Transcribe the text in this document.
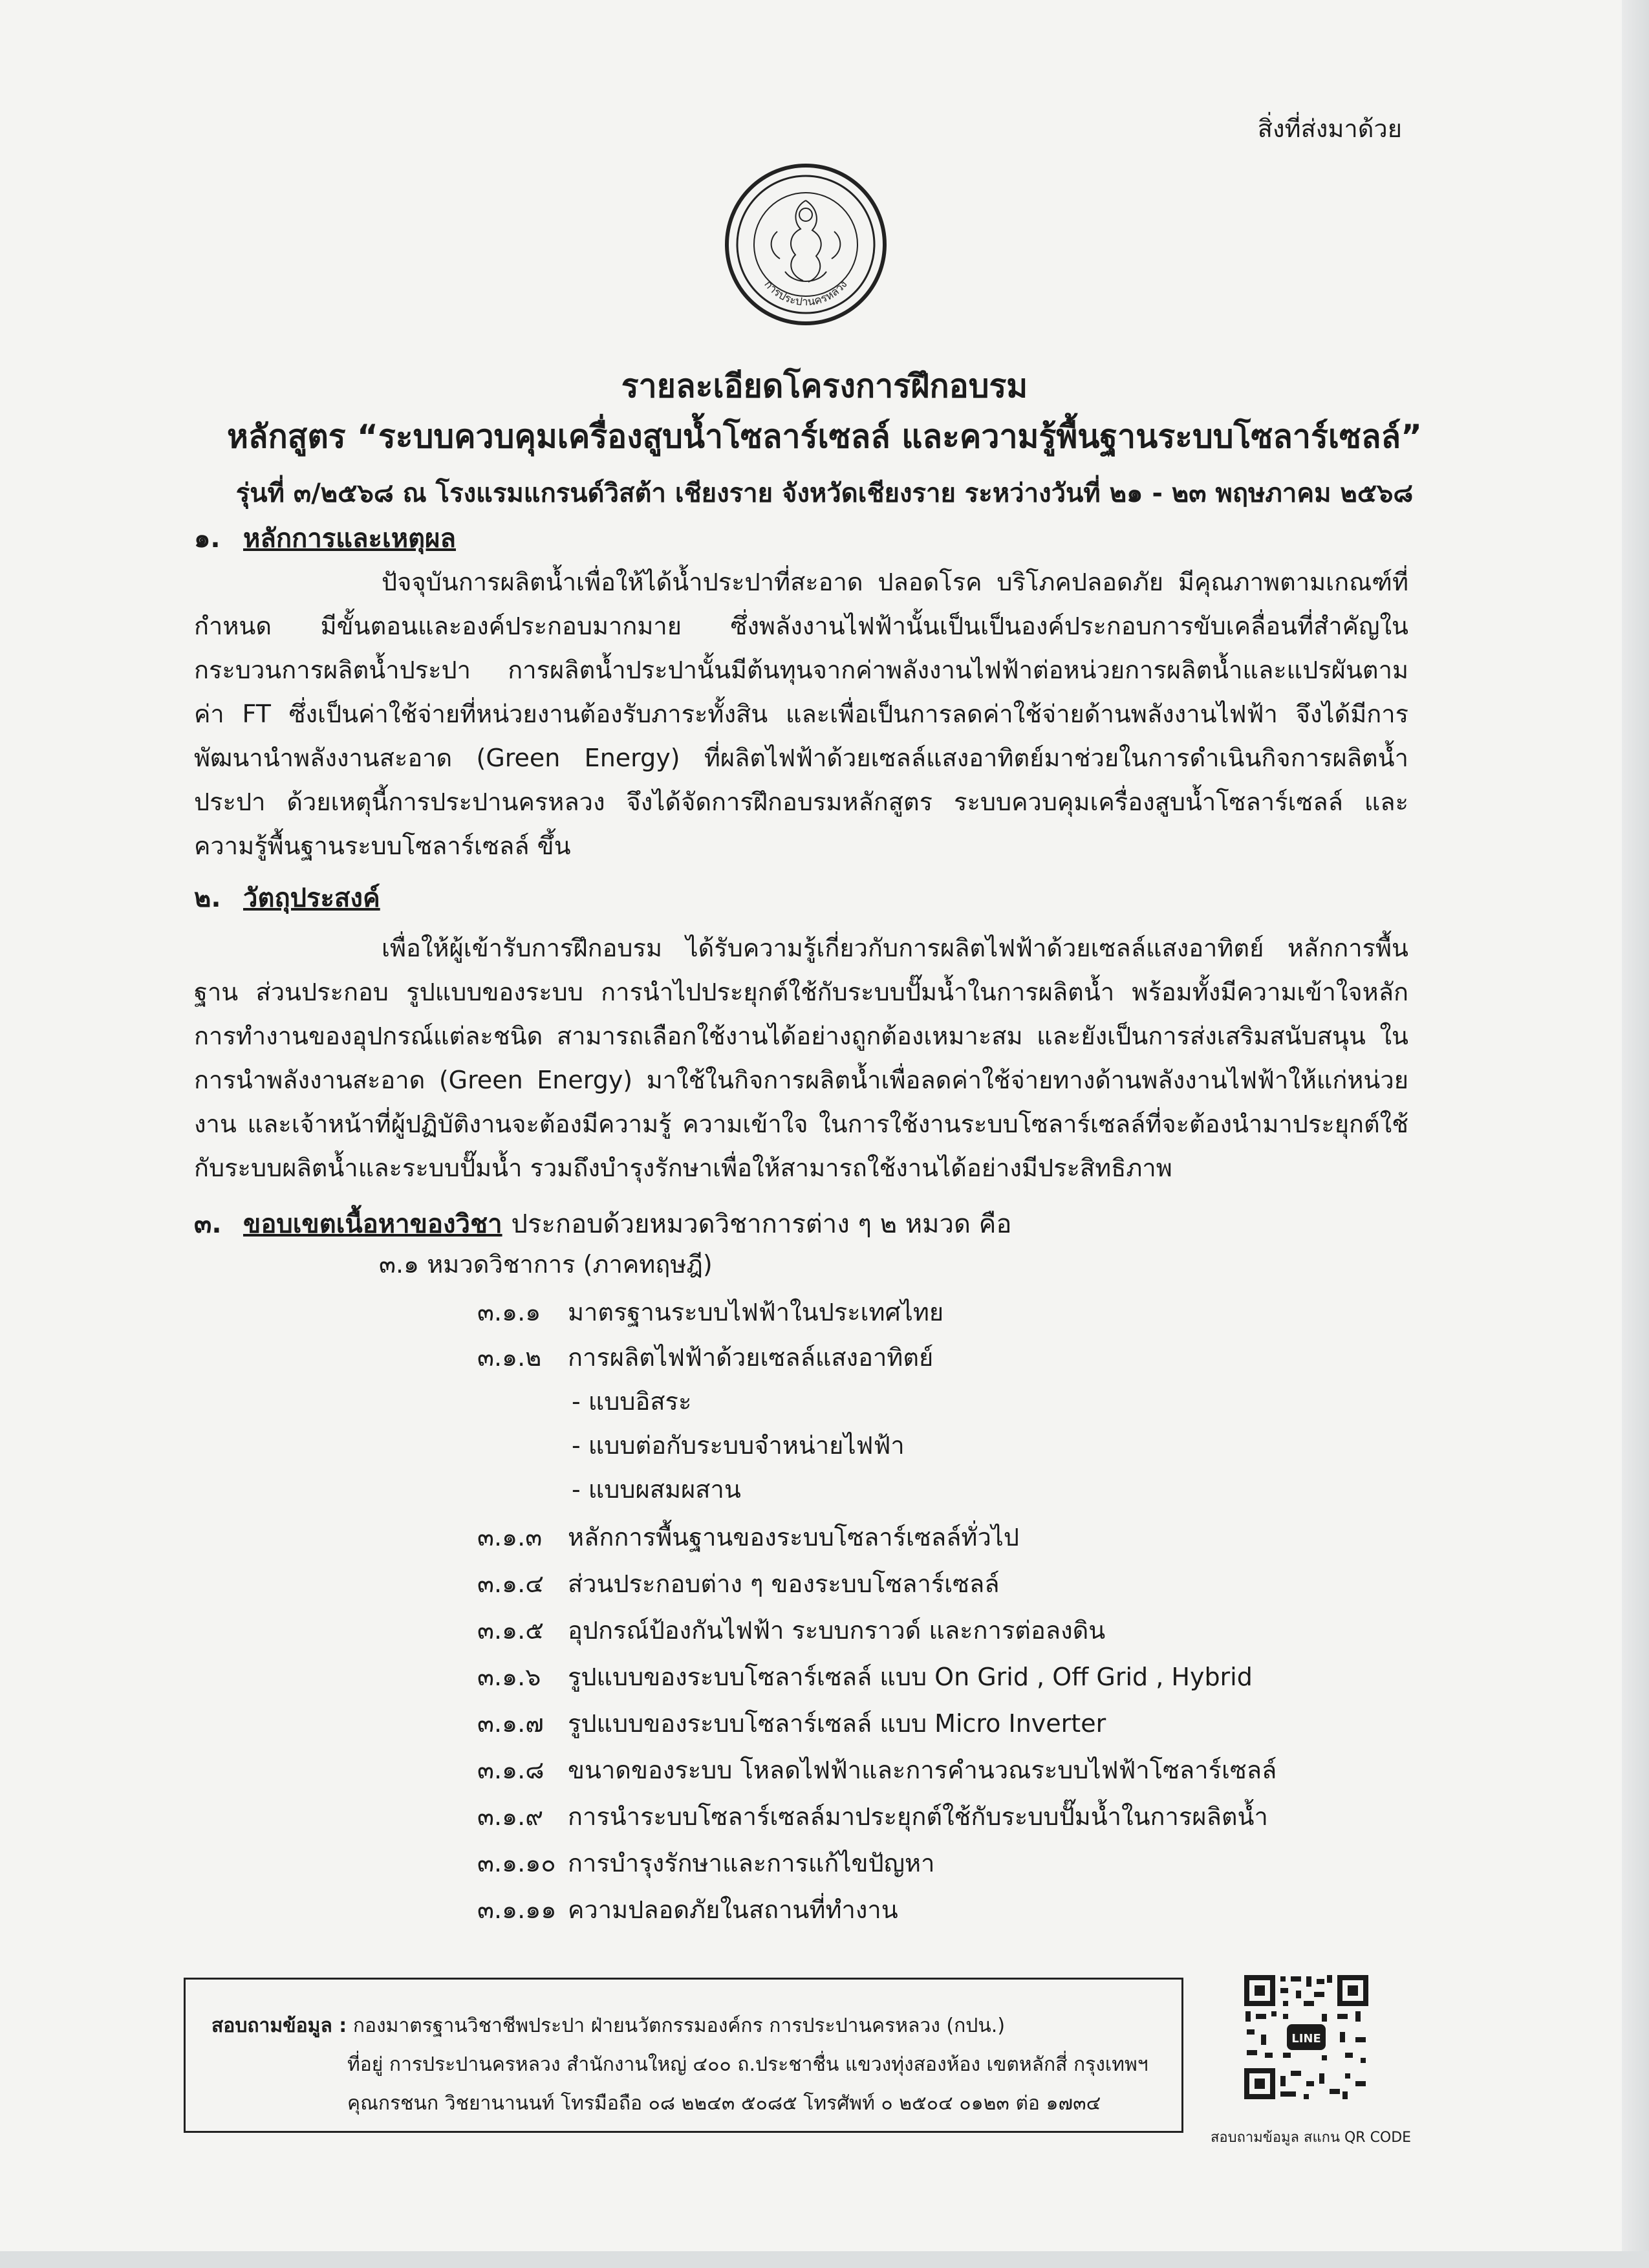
สิ่งที่ส่งมาด้วย
การประปานครหลวง
รายละเอียดโครงการฝึกอบรม
หลักสูตร “ระบบควบคุมเครื่องสูบน้ำโซลาร์เซลล์ และความรู้พื้นฐานระบบโซลาร์เซลล์”
รุ่นที่ ๓/๒๕๖๘ ณ โรงแรมแกรนด์วิสต้า เชียงราย จังหวัดเชียงราย ระหว่างวันที่ ๒๑ - ๒๓ พฤษภาคม ๒๕๖๘
๑. หลักการและเหตุผล
ปัจจุบันการผลิตน้ำเพื่อให้ได้น้ำประปาที่สะอาด ปลอดโรค บริโภคปลอดภัย มีคุณภาพตามเกณฑ์ที่กำหนด มีขั้นตอนและองค์ประกอบมากมาย ซึ่งพลังงานไฟฟ้านั้นเป็นเป็นองค์ประกอบการขับเคลื่อนที่สำคัญในกระบวนการผลิตน้ำประปา การผลิตน้ำประปานั้นมีต้นทุนจากค่าพลังงานไฟฟ้าต่อหน่วยการผลิตน้ำและแปรผันตามค่า FT ซึ่งเป็นค่าใช้จ่ายที่หน่วยงานต้องรับภาระทั้งสิน และเพื่อเป็นการลดค่าใช้จ่ายด้านพลังงานไฟฟ้า จึงได้มีการพัฒนานำพลังงานสะอาด (Green Energy) ที่ผลิตไฟฟ้าด้วยเซลล์แสงอาทิตย์มาช่วยในการดำเนินกิจการผลิตน้ำประปา ด้วยเหตุนี้การประปานครหลวง จึงได้จัดการฝึกอบรมหลักสูตร ระบบควบคุมเครื่องสูบน้ำโซลาร์เซลล์ และความรู้พื้นฐานระบบโซลาร์เซลล์ ขึ้น
๒. วัตถุประสงค์
เพื่อให้ผู้เข้ารับการฝึกอบรม ได้รับความรู้เกี่ยวกับการผลิตไฟฟ้าด้วยเซลล์แสงอาทิตย์ หลักการพื้นฐาน ส่วนประกอบ รูปแบบของระบบ การนำไปประยุกต์ใช้กับระบบปั๊มน้ำในการผลิตน้ำ พร้อมทั้งมีความเข้าใจหลักการทำงานของอุปกรณ์แต่ละชนิด สามารถเลือกใช้งานได้อย่างถูกต้องเหมาะสม และยังเป็นการส่งเสริมสนับสนุน ในการนำพลังงานสะอาด (Green Energy) มาใช้ในกิจการผลิตน้ำเพื่อลดค่าใช้จ่ายทางด้านพลังงานไฟฟ้าให้แก่หน่วยงาน และเจ้าหน้าที่ผู้ปฏิบัติงานจะต้องมีความรู้ ความเข้าใจ ในการใช้งานระบบโซลาร์เซลล์ที่จะต้องนำมาประยุกต์ใช้กับระบบผลิตน้ำและระบบปั๊มน้ำ รวมถึงบำรุงรักษาเพื่อให้สามารถใช้งานได้อย่างมีประสิทธิภาพ
๓. ขอบเขตเนื้อหาของวิชา ประกอบด้วยหมวดวิชาการต่าง ๆ ๒ หมวด คือ
๓.๑ หมวดวิชาการ (ภาคทฤษฎี)
๓.๑.๑ มาตรฐานระบบไฟฟ้าในประเทศไทย
๓.๑.๒ การผลิตไฟฟ้าด้วยเซลล์แสงอาทิตย์
- แบบอิสระ
- แบบต่อกับระบบจำหน่ายไฟฟ้า
- แบบผสมผสาน
๓.๑.๓ หลักการพื้นฐานของระบบโซลาร์เซลล์ทั่วไป
๓.๑.๔ ส่วนประกอบต่าง ๆ ของระบบโซลาร์เซลล์
๓.๑.๕ อุปกรณ์ป้องกันไฟฟ้า ระบบกราวด์ และการต่อลงดิน
๓.๑.๖ รูปแบบของระบบโซลาร์เซลล์ แบบ On Grid , Off Grid , Hybrid
๓.๑.๗ รูปแบบของระบบโซลาร์เซลล์ แบบ Micro Inverter
๓.๑.๘ ขนาดของระบบ โหลดไฟฟ้าและการคำนวณระบบไฟฟ้าโซลาร์เซลล์
๓.๑.๙ การนำระบบโซลาร์เซลล์มาประยุกต์ใช้กับระบบปั๊มน้ำในการผลิตน้ำ
๓.๑.๑๐ การบำรุงรักษาและการแก้ไขปัญหา
๓.๑.๑๑ ความปลอดภัยในสถานที่ทำงาน
สอบถามข้อมูล : กองมาตรฐานวิชาชีพประปา ฝ่ายนวัตกรรมองค์กร การประปานครหลวง (กปน.)
ที่อยู่ การประปานครหลวง สำนักงานใหญ่ ๔๐๐ ถ.ประชาชื่น แขวงทุ่งสองห้อง เขตหลักสี่ กรุงเทพฯ
คุณกรชนก วิชยานานนท์ โทรมือถือ ๐๘ ๒๒๔๓ ๕๐๘๕ โทรศัพท์ ๐ ๒๕๐๔ ๐๑๒๓ ต่อ ๑๗๓๔
LINE
สอบถามข้อมูล สแกน QR CODE
